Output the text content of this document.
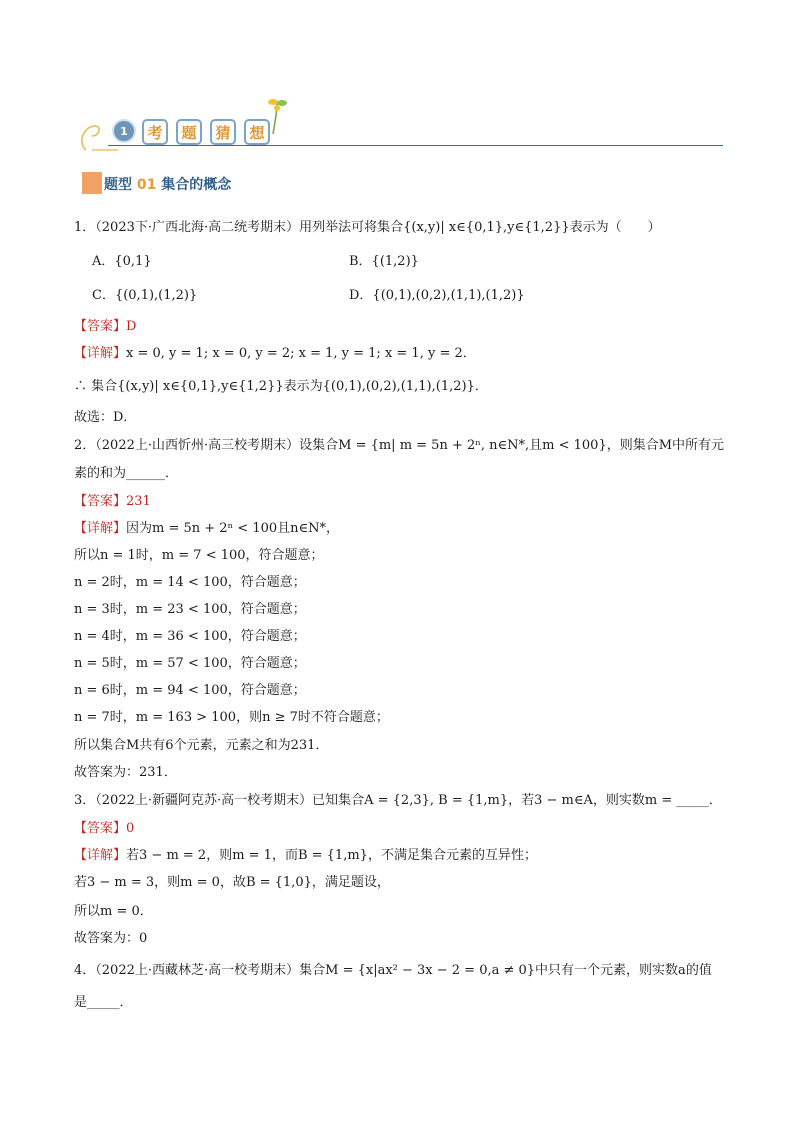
1	考	题	猜	想
题型 01 集合的概念
1．（2023下·广西北海·高二统考期末）用列举法可将集合{(x,y)| x∈{0,1},y∈{1,2}}表示为（　　）
A．{0,1}	B．{(1,2)}
C．{(0,1),(1,2)}	D．{(0,1),(0,2),(1,1),(1,2)}
【答案】D
【详解】x = 0, y = 1; x = 0, y = 2; x = 1, y = 1; x = 1, y = 2．
∴ 集合{(x,y)| x∈{0,1},y∈{1,2}}表示为{(0,1),(0,2),(1,1),(1,2)}．
故选：D．
2．（2022上·山西忻州·高三校考期末）设集合M = {m| m = 5n + 2ⁿ, n∈N*,且m < 100}，则集合M中所有元
素的和为______．
【答案】231
【详解】因为m = 5n + 2ⁿ < 100且n∈N*，
所以n = 1时，m = 7 < 100，符合题意；
n = 2时，m = 14 < 100，符合题意；
n = 3时，m = 23 < 100，符合题意；
n = 4时，m = 36 < 100，符合题意；
n = 5时，m = 57 < 100，符合题意；
n = 6时，m = 94 < 100，符合题意；
n = 7时，m = 163 > 100，则n ≥ 7时不符合题意；
所以集合M共有6个元素，元素之和为231．
故答案为：231．
3．（2022上·新疆阿克苏·高一校考期末）已知集合A = {2,3}, B = {1,m}，若3 − m∈A，则实数m = _____．
【答案】0
【详解】若3 − m = 2，则m = 1，而B = {1,m}，不满足集合元素的互异性；
若3 − m = 3，则m = 0，故B = {1,0}，满足题设，
所以m = 0．
故答案为：0
4．（2022上·西藏林芝·高一校考期末）集合M = {x|ax² − 3x − 2 = 0,a ≠ 0}中只有一个元素，则实数a的值
是_____．
